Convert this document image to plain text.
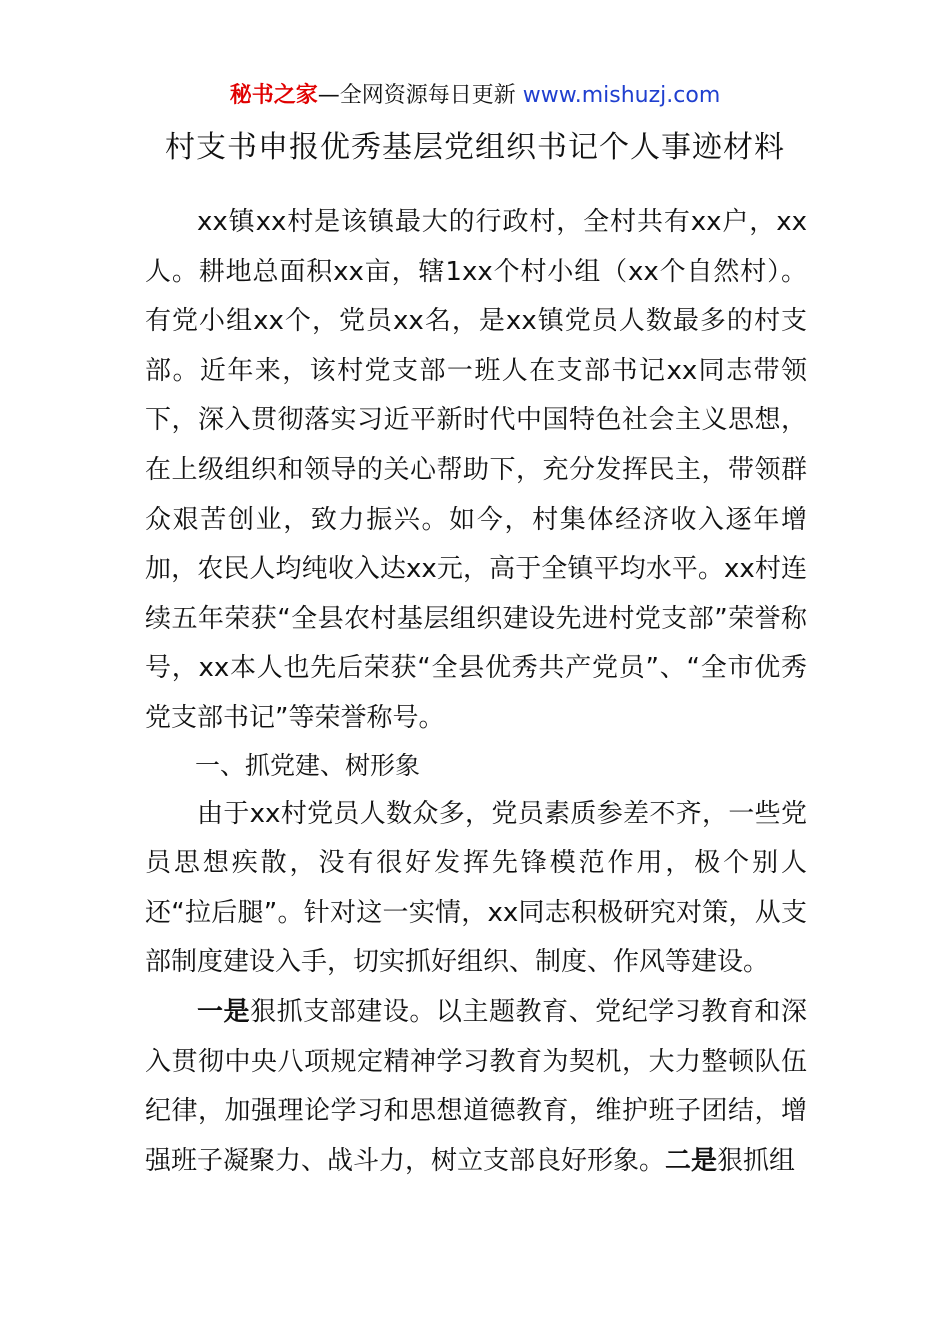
秘书之家—全网资源每日更新 www.mishuzj.com
村支书申报优秀基层党组织书记个人事迹材料

xx镇xx村是该镇最大的行政村，全村共有xx户，xx人。耕地总面积xx亩，辖1xx个村小组（xx个自然村）。有党小组xx个，党员xx名，是xx镇党员人数最多的村支部。近年来，该村党支部一班人在支部书记xx同志带领下，深入贯彻落实习近平新时代中国特色社会主义思想，在上级组织和领导的关心帮助下，充分发挥民主，带领群众艰苦创业，致力振兴。如今，村集体经济收入逐年增加，农民人均纯收入达xx元，高于全镇平均水平。xx村连续五年荣获“全县农村基层组织建设先进村党支部”荣誉称号，xx本人也先后荣获“全县优秀共产党员”、“全市优秀党支部书记”等荣誉称号。

一、抓党建、树形象

由于xx村党员人数众多，党员素质参差不齐，一些党员思想疾散，没有很好发挥先锋模范作用，极个别人还“拉后腿”。针对这一实情，xx同志积极研究对策，从支部制度建设入手，切实抓好组织、制度、作风等建设。

一是狠抓支部建设。以主题教育、党纪学习教育和深入贯彻中央八项规定精神学习教育为契机，大力整顿队伍纪律，加强理论学习和思想道德教育，维护班子团结，增强班子凝聚力、战斗力，树立支部良好形象。二是狠抓组
